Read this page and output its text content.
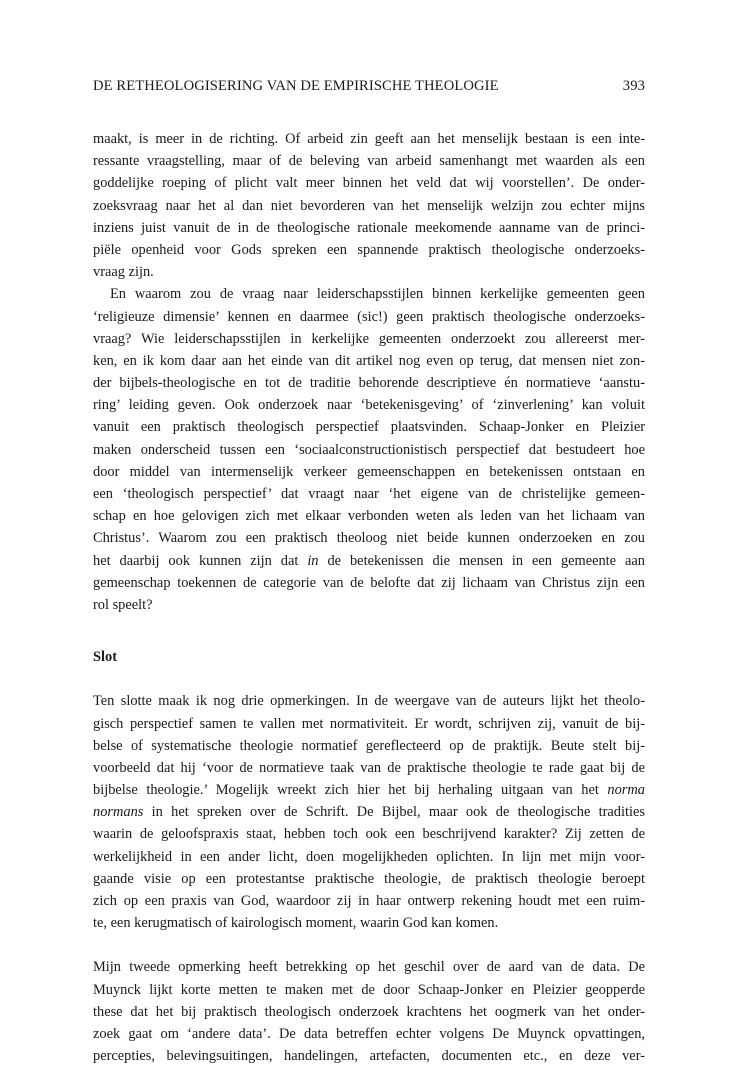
DE RETHEOLOGISERING VAN DE EMPIRISCHE THEOLOGIE	393
maakt, is meer in de richting. Of arbeid zin geeft aan het menselijk bestaan is een inte-
ressante vraagstelling, maar of de beleving van arbeid samenhangt met waarden als een
goddelijke roeping of plicht valt meer binnen het veld dat wij voorstellen’. De onder-
zoeksvraag naar het al dan niet bevorderen van het menselijk welzijn zou echter mijns
inziens juist vanuit de in de theologische rationale meekomende aanname van de princi-
piële openheid voor Gods spreken een spannende praktisch theologische onderzoeks-
vraag zijn.
En waarom zou de vraag naar leiderschapsstijlen binnen kerkelijke gemeenten geen
‘religieuze dimensie’ kennen en daarmee (sic!) geen praktisch theologische onderzoeks-
vraag? Wie leiderschapsstijlen in kerkelijke gemeenten onderzoekt zou allereerst mer-
ken, en ik kom daar aan het einde van dit artikel nog even op terug, dat mensen niet zon-
der bijbels-theologische en tot de traditie behorende descriptieve én normatieve ‘aanstu-
ring’ leiding geven. Ook onderzoek naar ‘betekenisgeving’ of ‘zinverlening’ kan voluit
vanuit een praktisch theologisch perspectief plaatsvinden. Schaap-Jonker en Pleizier
maken onderscheid tussen een ‘sociaalconstructionistisch perspectief dat bestudeert hoe
door middel van intermenselijk verkeer gemeenschappen en betekenissen ontstaan en
een ‘theologisch perspectief’ dat vraagt naar ‘het eigene van de christelijke gemeen-
schap en hoe gelovigen zich met elkaar verbonden weten als leden van het lichaam van
Christus’. Waarom zou een praktisch theoloog niet beide kunnen onderzoeken en zou
het daarbij ook kunnen zijn dat in de betekenissen die mensen in een gemeente aan
gemeenschap toekennen de categorie van de belofte dat zij lichaam van Christus zijn een
rol speelt?
Slot
Ten slotte maak ik nog drie opmerkingen. In de weergave van de auteurs lijkt het theolo-
gisch perspectief samen te vallen met normativiteit. Er wordt, schrijven zij, vanuit de bij-
belse of systematische theologie normatief gereflecteerd op de praktijk. Beute stelt bij-
voorbeeld dat hij ‘voor de normatieve taak van de praktische theologie te rade gaat bij de
bijbelse theologie.’ Mogelijk wreekt zich hier het bij herhaling uitgaan van het norma
normans in het spreken over de Schrift. De Bijbel, maar ook de theologische tradities
waarin de geloofspraxis staat, hebben toch ook een beschrijvend karakter? Zij zetten de
werkelijkheid in een ander licht, doen mogelijkheden oplichten. In lijn met mijn voor-
gaande visie op een protestantse praktische theologie, de praktisch theologie beroept
zich op een praxis van God, waardoor zij in haar ontwerp rekening houdt met een ruim-
te, een kerugmatisch of kairologisch moment, waarin God kan komen.
Mijn tweede opmerking heeft betrekking op het geschil over de aard van de data. De
Muynck lijkt korte metten te maken met de door Schaap-Jonker en Pleizier geopperde
these dat het bij praktisch theologisch onderzoek krachtens het oogmerk van het onder-
zoek gaat om ‘andere data’. De data betreffen echter volgens De Muynck opvattingen,
percepties, belevingsuitingen, handelingen, artefacten, documenten etc., en deze ver-
